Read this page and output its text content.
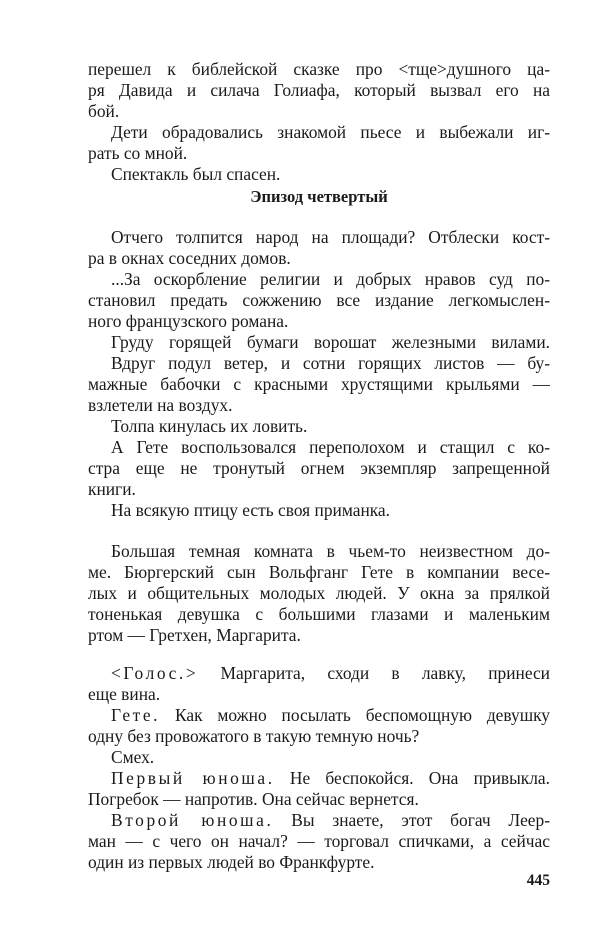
перешел к библейской сказке про <тще>душного ца-
ря Давида и силача Голиафа, который вызвал его на
бой.
Дети обрадовались знакомой пьесе и выбежали иг-
рать со мной.
Спектакль был спасен.
Эпизод четвертый
Отчего толпится народ на площади? Отблески кост-
ра в окнах соседних домов.
...За оскорбление религии и добрых нравов суд по-
становил предать сожжению все издание легкомыслен-
ного французского романа.
Груду горящей бумаги ворошат железными вилами.
Вдруг подул ветер, и сотни горящих листов — бу-
мажные бабочки с красными хрустящими крыльями —
взлетели на воздух.
Толпа кинулась их ловить.
А Гете воспользовался переполохом и стащил с ко-
стра еще не тронутый огнем экземпляр запрещенной
книги.
На всякую птицу есть своя приманка.
Большая темная комната в чьем-то неизвестном до-
ме. Бюргерский сын Вольфганг Гете в компании весе-
лых и общительных молодых людей. У окна за прялкой
тоненькая девушка с большими глазами и маленьким
ртом — Гретхен, Маргарита.
<Голос.> Маргарита, сходи в лавку, принеси
еще вина.
Гете. Как можно посылать беспомощную девушку
одну без провожатого в такую темную ночь?
Смех.
Первый юноша. Не беспокойся. Она привыкла.
Погребок — напротив. Она сейчас вернется.
Второй юноша. Вы знаете, этот богач Леер-
ман — с чего он начал? — торговал спичками, а сейчас
один из первых людей во Франкфурте.
445
